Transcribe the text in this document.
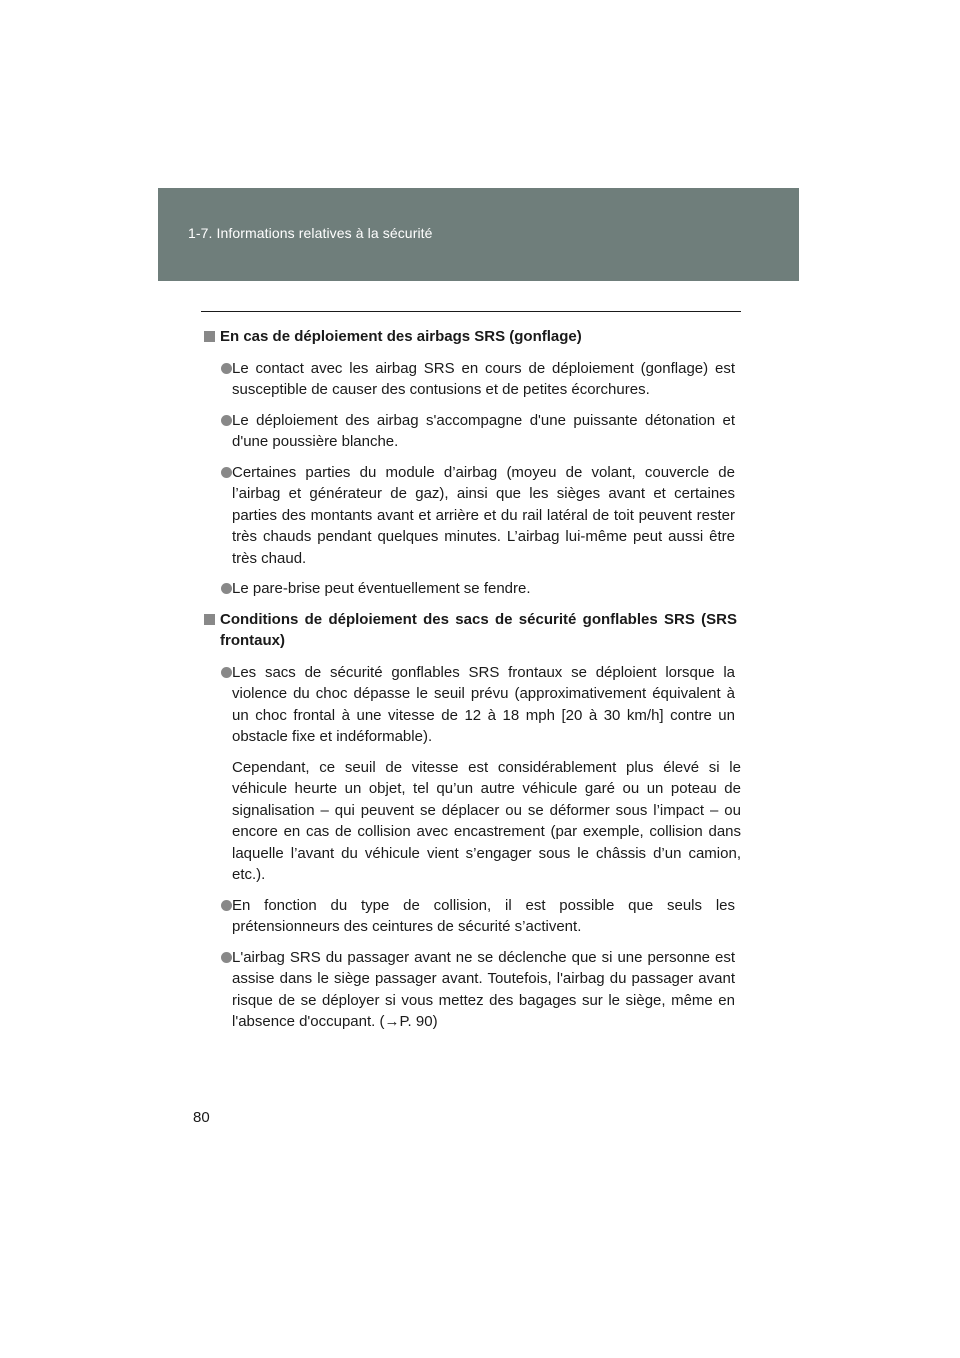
1-7. Informations relatives à la sécurité
En cas de déploiement des airbags SRS (gonflage)
Le contact avec les airbag SRS en cours de déploiement (gonflage) est susceptible de causer des contusions et de petites écorchures.
Le déploiement des airbag s'accompagne d'une puissante détonation et d'une poussière blanche.
Certaines parties du module d’airbag (moyeu de volant, couvercle de l’airbag et générateur de gaz), ainsi que les sièges avant et certaines parties des montants avant et arrière et du rail latéral de toit peuvent rester très chauds pendant quelques minutes. L’airbag lui-même peut aussi être très chaud.
Le pare-brise peut éventuellement se fendre.
Conditions de déploiement des sacs de sécurité gonflables SRS (SRS frontaux)
Les sacs de sécurité gonflables SRS frontaux se déploient lorsque la violence du choc dépasse le seuil prévu (approximativement équivalent à un choc frontal à une vitesse de 12 à 18 mph [20 à 30 km/h] contre un obstacle fixe et indéformable).
Cependant, ce seuil de vitesse est considérablement plus élevé si le véhicule heurte un objet, tel qu’un autre véhicule garé ou un poteau de signalisation – qui peuvent se déplacer ou se déformer sous l’impact – ou encore en cas de collision avec encastrement (par exemple, collision dans laquelle l’avant du véhicule vient s’engager sous le châssis d’un camion, etc.).
En fonction du type de collision, il est possible que seuls les prétensionneurs des ceintures de sécurité s’activent.
L'airbag SRS du passager avant ne se déclenche que si une personne est assise dans le siège passager avant. Toutefois, l'airbag du passager avant risque de se déployer si vous mettez des bagages sur le siège, même en l'absence d'occupant. (→P. 90)
80
